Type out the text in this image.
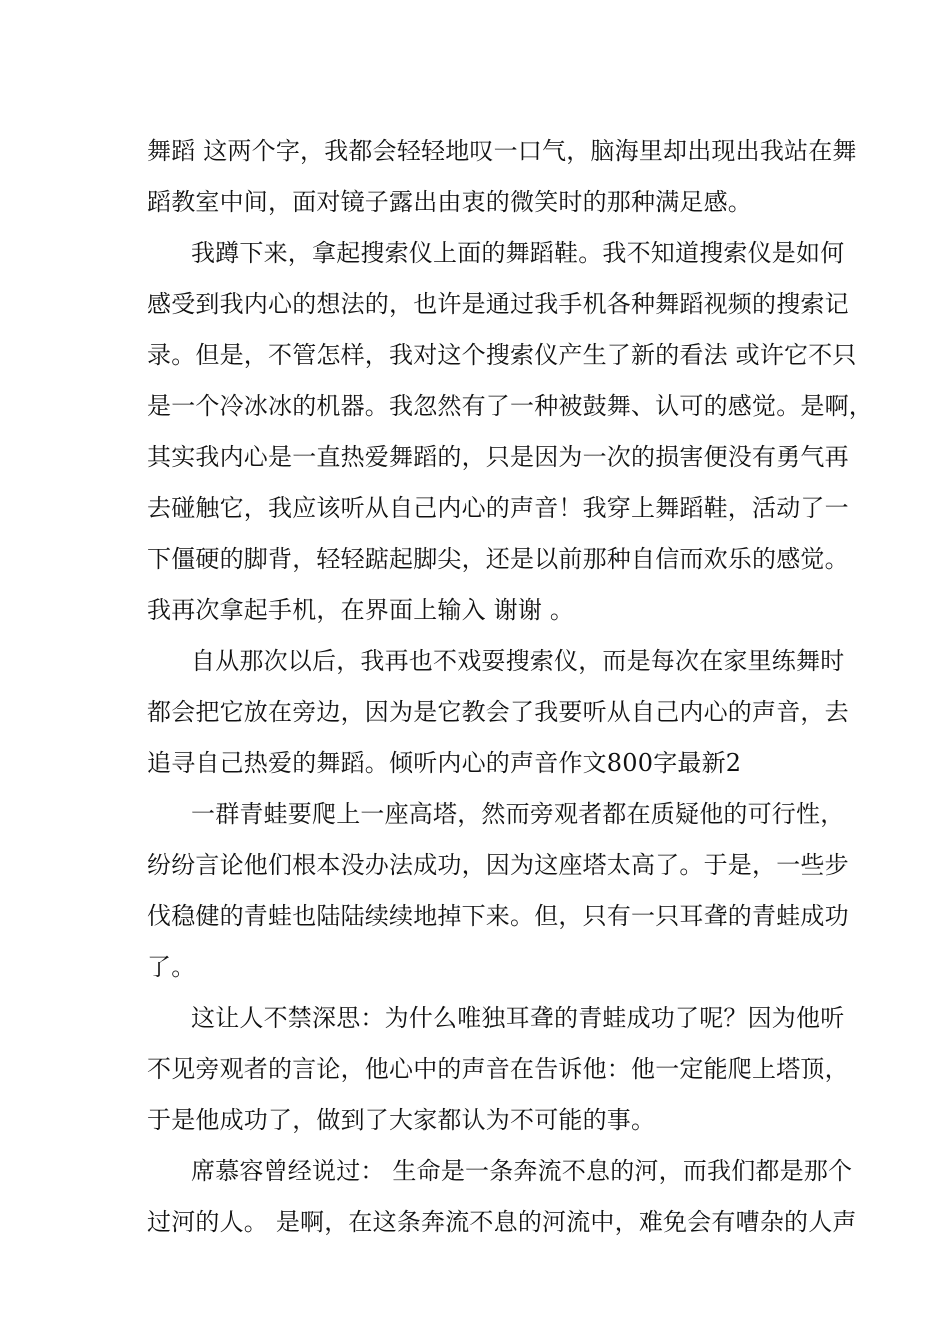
舞蹈 这两个字，我都会轻轻地叹一口气，脑海里却出现出我站在舞
蹈教室中间，面对镜子露出由衷的微笑时的那种满足感。
我蹲下来，拿起搜索仪上面的舞蹈鞋。我不知道搜索仪是如何
感受到我内心的想法的，也许是通过我手机各种舞蹈视频的搜索记
录。但是，不管怎样，我对这个搜索仪产生了新的看法 或许它不只
是一个冷冰冰的机器。我忽然有了一种被鼓舞、认可的感觉。是啊，
其实我内心是一直热爱舞蹈的，只是因为一次的损害便没有勇气再
去碰触它，我应该听从自己内心的声音！我穿上舞蹈鞋，活动了一
下僵硬的脚背，轻轻踮起脚尖，还是以前那种自信而欢乐的感觉。
我再次拿起手机，在界面上输入 谢谢 。
自从那次以后，我再也不戏耍搜索仪，而是每次在家里练舞时
都会把它放在旁边，因为是它教会了我要听从自己内心的声音，去
追寻自己热爱的舞蹈。倾听内心的声音作文800字最新2
一群青蛙要爬上一座高塔，然而旁观者都在质疑他的可行性，
纷纷言论他们根本没办法成功，因为这座塔太高了。于是，一些步
伐稳健的青蛙也陆陆续续地掉下来。但，只有一只耳聋的青蛙成功
了。
这让人不禁深思：为什么唯独耳聋的青蛙成功了呢？因为他听
不见旁观者的言论，他心中的声音在告诉他：他一定能爬上塔顶，
于是他成功了，做到了大家都认为不可能的事。
席慕容曾经说过： 生命是一条奔流不息的河，而我们都是那个
过河的人。 是啊，在这条奔流不息的河流中，难免会有嘈杂的人声
